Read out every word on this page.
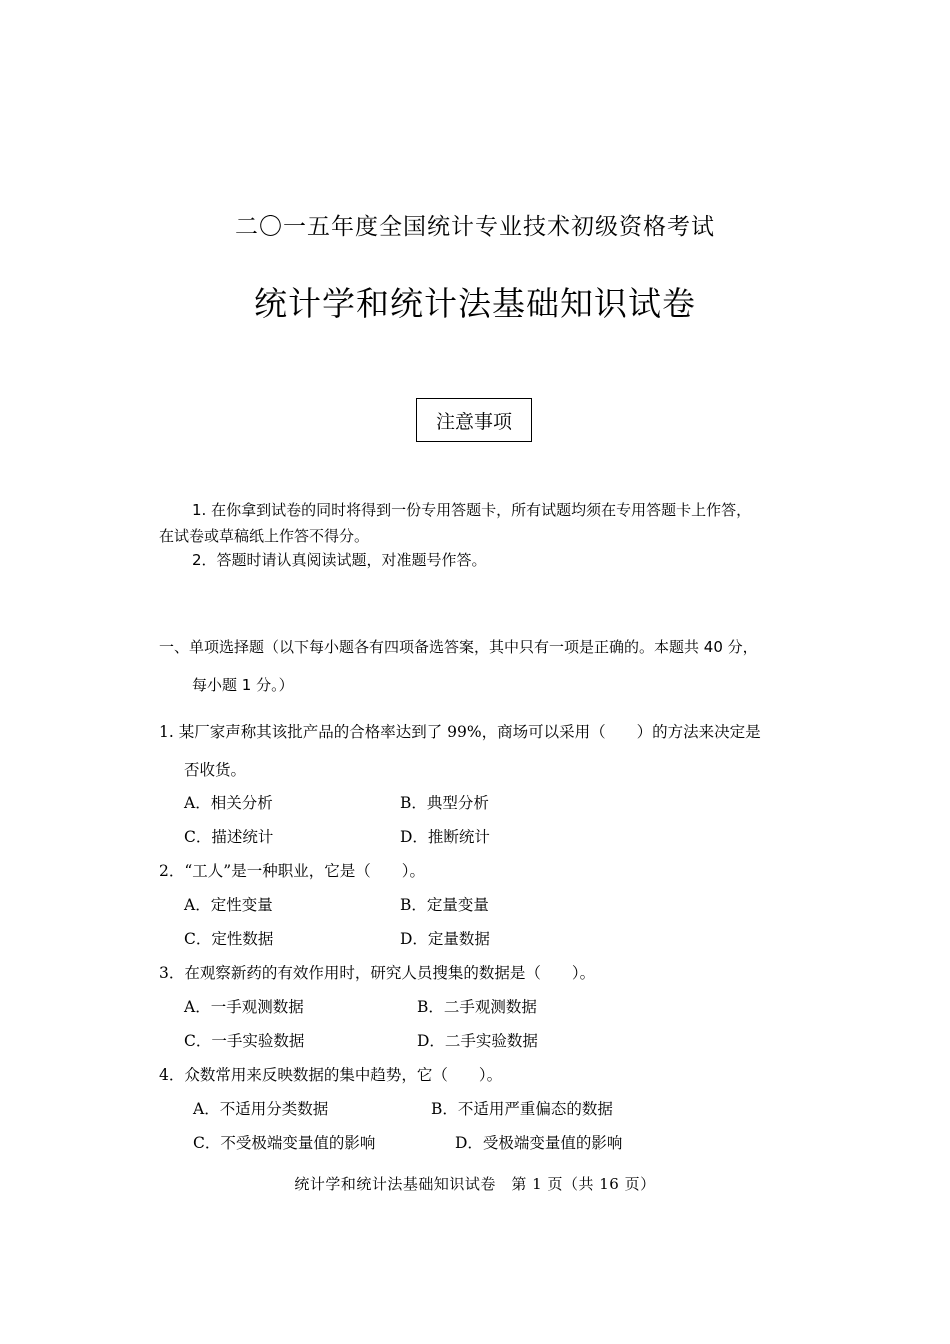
二〇一五年度全国统计专业技术初级资格考试
统计学和统计法基础知识试卷
注意事项
1. 在你拿到试卷的同时将得到一份专用答题卡，所有试题均须在专用答题卡上作答，
在试卷或草稿纸上作答不得分。
2．答题时请认真阅读试题，对准题号作答。
一、单项选择题（以下每小题各有四项备选答案，其中只有一项是正确的。本题共 40 分，
每小题 1 分。）
1. 某厂家声称其该批产品的合格率达到了 99%，商场可以采用（　　）的方法来决定是
否收货。
A．相关分析	B．典型分析
C．描述统计	D．推断统计
2．“工人”是一种职业，它是（　　）。
A．定性变量	B．定量变量
C．定性数据	D．定量数据
3．在观察新药的有效作用时，研究人员搜集的数据是（　　）。
A．一手观测数据	B．二手观测数据
C．一手实验数据	D．二手实验数据
4．众数常用来反映数据的集中趋势，它（　　）。
A．不适用分类数据	B．不适用严重偏态的数据
C．不受极端变量值的影响	D．受极端变量值的影响
统计学和统计法基础知识试卷　第 1 页（共 16 页）
